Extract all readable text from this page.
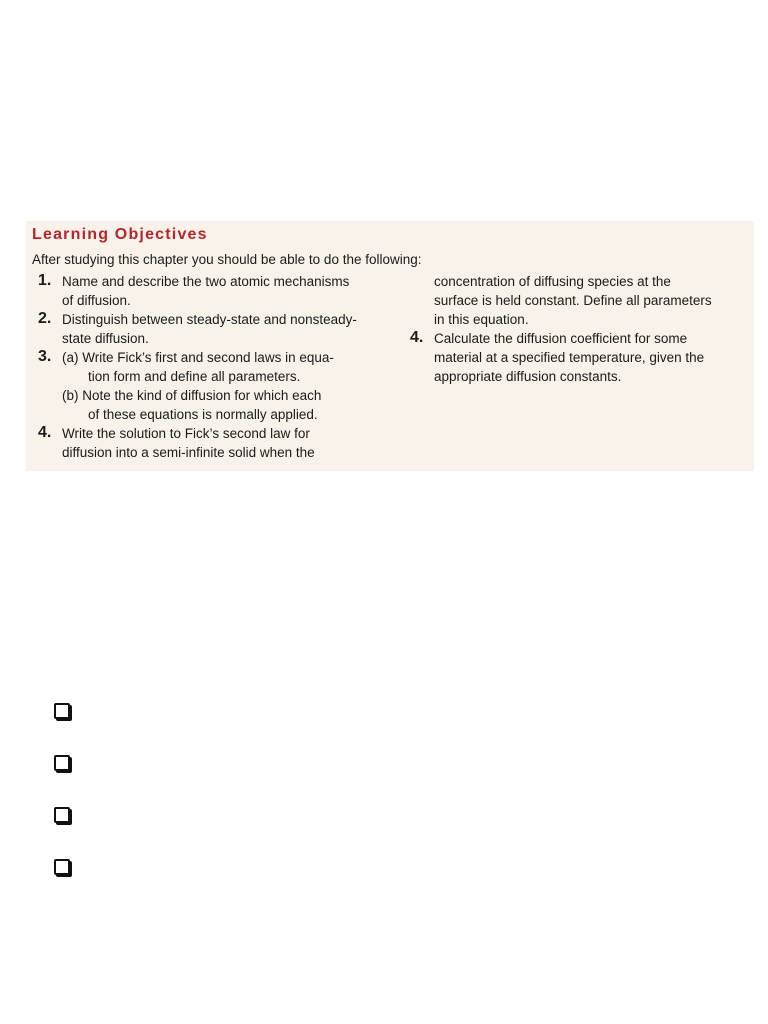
Learning Objectives
After studying this chapter you should be able to do the following:
1. Name and describe the two atomic mechanisms
of diffusion.
2. Distinguish between steady-state and nonsteady-
state diffusion.
3. (a) Write Fick’s first and second laws in equa-
tion form and define all parameters.
(b) Note the kind of diffusion for which each
of these equations is normally applied.
4. Write the solution to Fick’s second law for
diffusion into a semi-infinite solid when the
concentration of diffusing species at the
surface is held constant. Define all parameters
in this equation.
4. Calculate the diffusion coefficient for some
material at a specified temperature, given the
appropriate diffusion constants.
